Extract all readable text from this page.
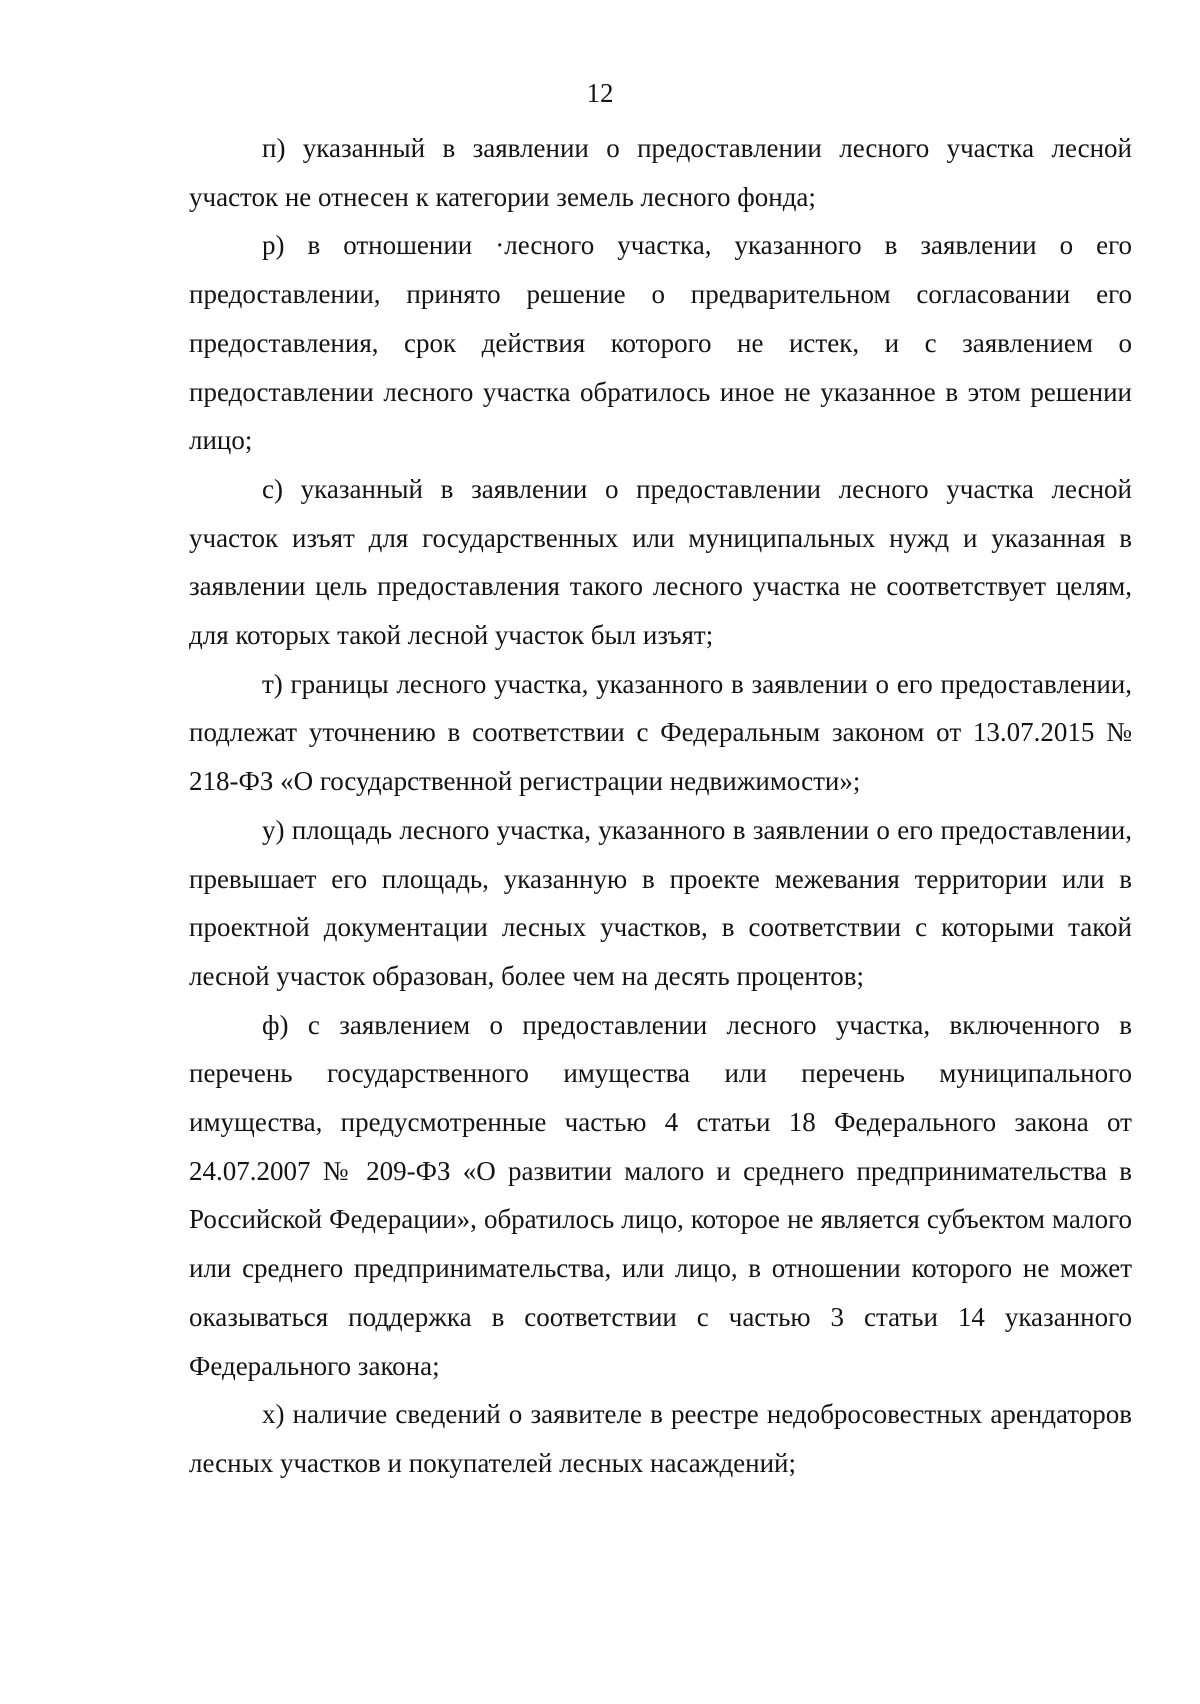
12

п) указанный в заявлении о предоставлении лесного участка лесной участок не отнесен к категории земель лесного фонда;

р) в отношении ·лесного участка, указанного в заявлении о его предоставлении, принято решение о предварительном согласовании его предоставления, срок действия которого не истек, и с заявлением о предоставлении лесного участка обратилось иное не указанное в этом решении лицо;

с) указанный в заявлении о предоставлении лесного участка лесной участок изъят для государственных или муниципальных нужд и указанная в заявлении цель предоставления такого лесного участка не соответствует целям, для которых такой лесной участок был изъят;

т) границы лесного участка, указанного в заявлении о его предоставлении, подлежат уточнению в соответствии с Федеральным законом от 13.07.2015 № 218-ФЗ «О государственной регистрации недвижимости»;

у) площадь лесного участка, указанного в заявлении о его предоставлении, превышает его площадь, указанную в проекте межевания территории или в проектной документации лесных участков, в соответствии с которыми такой лесной участок образован, более чем на десять процентов;

ф) с заявлением о предоставлении лесного участка, включенного в перечень государственного имущества или перечень муниципального имущества, предусмотренные частью 4 статьи 18 Федерального закона от 24.07.2007 № 209-ФЗ «О развитии малого и среднего предпринимательства в Российской Федерации», обратилось лицо, которое не является субъектом малого или среднего предпринимательства, или лицо, в отношении которого не может оказываться поддержка в соответствии с частью 3 статьи 14 указанного Федерального закона;

х) наличие сведений о заявителе в реестре недобросовестных арендаторов лесных участков и покупателей лесных насаждений;
